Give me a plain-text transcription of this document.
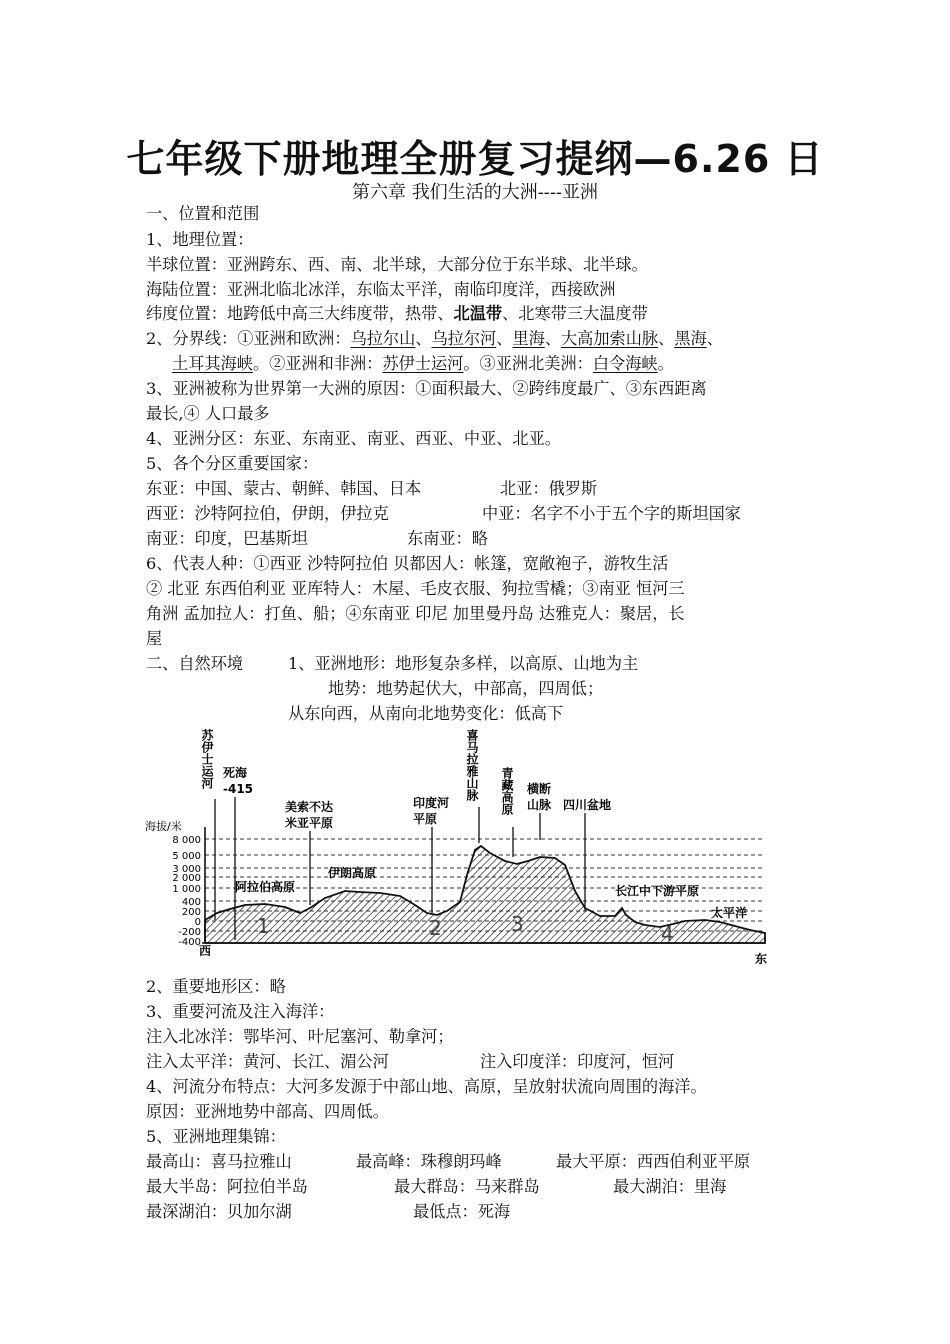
七年级下册地理全册复习提纲—6.26 日
第六章 我们生活的大洲----亚洲
一、位置和范围
1、地理位置：
半球位置：亚洲跨东、西、南、北半球，大部分位于东半球、北半球。
海陆位置：亚洲北临北冰洋，东临太平洋，南临印度洋，西接欧洲
纬度位置：地跨低中高三大纬度带，热带、北温带、北寒带三大温度带
2、分界线：①亚洲和欧洲：乌拉尔山、乌拉尔河、里海、大高加索山脉、黑海、
土耳其海峡。②亚洲和非洲：苏伊士运河。③亚洲北美洲：白令海峡。
3、亚洲被称为世界第一大洲的原因：①面积最大、②跨纬度最广、③东西距离
最长,④ 人口最多
4、亚洲分区：东亚、东南亚、南亚、西亚、中亚、北亚。
5、各个分区重要国家：
东亚：中国、蒙古、朝鲜、韩国、日本	北亚：俄罗斯
西亚：沙特阿拉伯，伊朗，伊拉克	中亚：名字不小于五个字的斯坦国家
南亚：印度，巴基斯坦	东南亚：略
6、代表人种：①西亚 沙特阿拉伯 贝都因人：帐篷，宽敞袍子，游牧生活
② 北亚 东西伯利亚 亚库特人：木屋、毛皮衣服、狗拉雪橇；③南亚 恒河三
角洲 孟加拉人：打鱼、船；④东南亚 印尼 加里曼丹岛 达雅克人：聚居，长
屋
二、自然环境	1、亚洲地形：地形复杂多样，以高原、山地为主
地势：地势起伏大，中部高，四周低；
从东向西，从南向北地势变化：低高下
海拔/米
8 000
5 000
3 000
2 000
1 000
400
200
0
-200
-400
西
东
苏伊士运河 死海
-415
美索不达
米亚平原
阿拉伯高原
伊朗高原
印度河
平原
喜马拉雅山脉 青藏高原 横断
山脉 四川盆地
长江中下游平原
太平洋
1	2	3	4
2、重要地形区：略
3、重要河流及注入海洋：
注入北冰洋：鄂毕河、叶尼塞河、勒拿河；
注入太平洋：黄河、长江、湄公河	注入印度洋：印度河，恒河
4、河流分布特点：大河多发源于中部山地、高原，呈放射状流向周围的海洋。
原因：亚洲地势中部高、四周低。
5、亚洲地理集锦：
最高山：喜马拉雅山	最高峰：珠穆朗玛峰	最大平原：西西伯利亚平原
最大半岛：阿拉伯半岛	最大群岛：马来群岛	最大湖泊：里海
最深湖泊：贝加尔湖	最低点：死海
